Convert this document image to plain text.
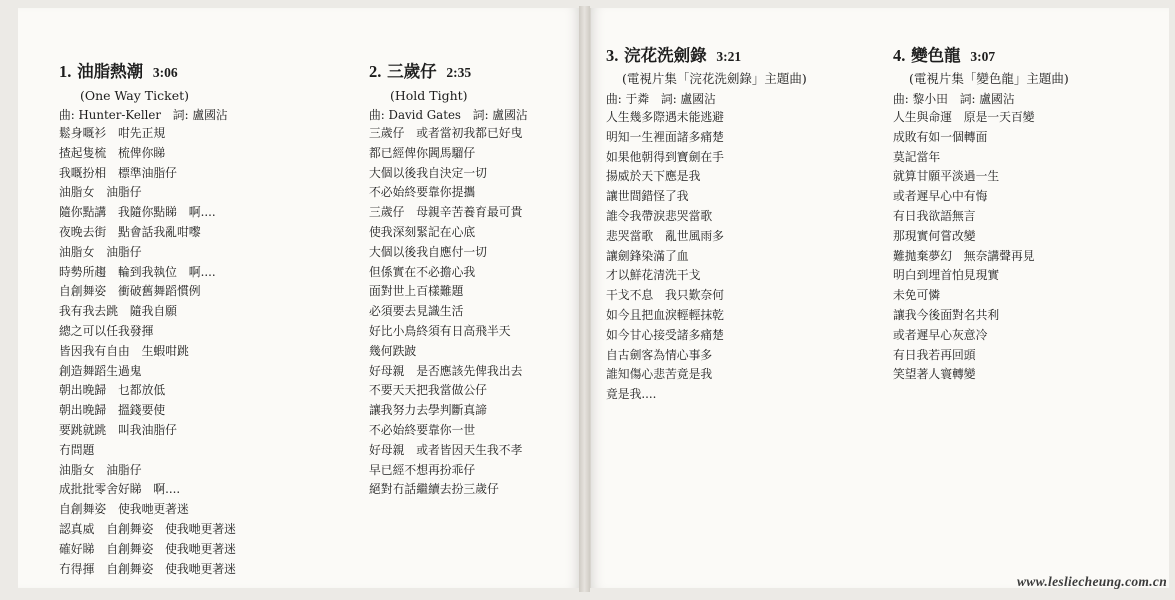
1. 油脂熱潮 3:06
(One Way Ticket)
曲: Hunter-Keller　詞: 盧國沾
鬆身嘅衫　咁先正規
揸起隻梳　梳俾你睇
我嘅扮相　標準油脂仔
油脂女　油脂仔
隨你點講　我隨你點睇　啊....
夜晚去街　點會話我亂咁嚟
油脂女　油脂仔
時勢所趨　輪到我執位　啊....
自創舞姿　衝破舊舞蹈慣例
我有我去跳　隨我自願
總之可以任我發揮
皆因我有自由　生蝦咁跳
創造舞蹈生過鬼
朝出晚歸　乜都放低
朝出晚歸　搵錢要使
要跳就跳　叫我油脂仔
冇問題
油脂女　油脂仔
成批批零舍好睇　啊....
自創舞姿　使我哋更著迷
認真威　自創舞姿　使我哋更著迷
確好睇　自創舞姿　使我哋更著迷
冇得揮　自創舞姿　使我哋更著迷
2. 三歲仔 2:35
(Hold Tight)
曲: David Gates　詞: 盧國沾
三歲仔　或者當初我都已好曳
都已經俾你閪馬騮仔
大個以後我自決定一切
不必始終要靠你提攜
三歲仔　母親辛苦養育最可貴
使我深刻緊記在心底
大個以後我自應付一切
但係實在不必擔心我
面對世上百樣難題
必須要去見識生活
好比小鳥終須有日高飛半天
幾何跌跛
好母親　是否應該先俾我出去
不要天天把我當做公仔
讓我努力去學判斷真諦
不必始終要靠你一世
好母親　或者皆因天生我不孝
早已經不想再扮乖仔
絕對冇話繼續去扮三歲仔
3. 浣花洗劍錄 3:21
(電視片集「浣花洗劍錄」主題曲)
曲: 于粦　詞: 盧國沾
人生幾多際遇未能逃避
明知一生裡面諸多痛楚
如果他朝得到寶劍在手
揚威於天下應是我
讓世間錯怪了我
誰令我帶淚悲哭當歌
悲哭當歌　亂世風雨多
讓劍鋒染滿了血
才以鮮花清洗干戈
干戈不息　我只歎奈何
如今且把血淚輕輕抹乾
如今甘心接受諸多痛楚
自古劍客為情心事多
誰知傷心悲苦竟是我
竟是我....
4. 變色龍 3:07
(電視片集「變色龍」主題曲)
曲: 黎小田　詞: 盧國沾
人生與命運　原是一天百變
成敗有如一個轉面
莫記當年
就算甘願平淡過一生
或者遲早心中有悔
有日我欲語無言
那現實何嘗改變
難拋棄夢幻　無奈講聲再見
明白到埋首怕見現實
未免可憐
讓我今後面對名共利
或者遲早心灰意冷
有日我若再回頭
笑望著人寰轉變
www.lesliecheung.com.cn
